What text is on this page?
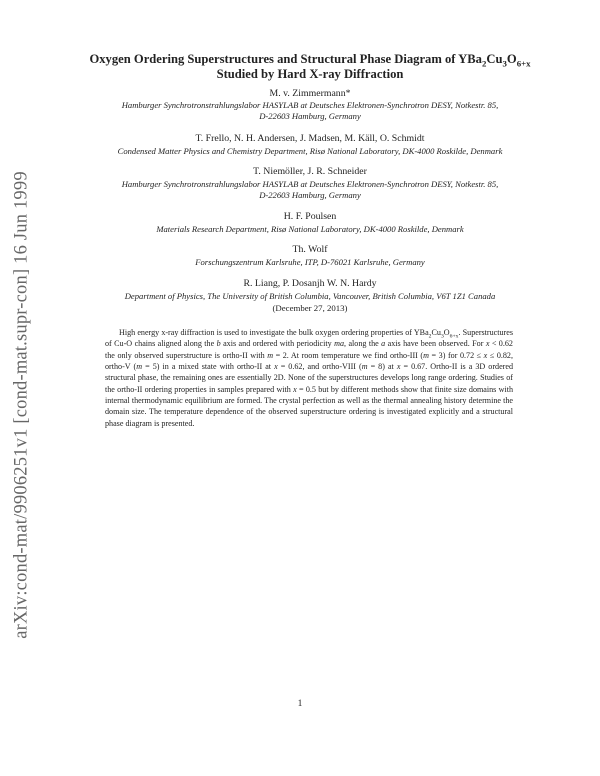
arXiv:cond-mat/9906251v1 [cond-mat.supr-con] 16 Jun 1999
Oxygen Ordering Superstructures and Structural Phase Diagram of $YBa_2Cu_3O_{6+x}$
Studied by Hard X-ray Diffraction
M. v. Zimmermann*
Hamburger Synchrotronstrahlungslabor HASYLAB at Deutsches Elektronen-Synchrotron DESY, Notkestr. 85,
D-22603 Hamburg, Germany
T. Frello, N. H. Andersen, J. Madsen, M. Käll, O. Schmidt
Condensed Matter Physics and Chemistry Department, Risø National Laboratory, DK-4000 Roskilde, Denmark
T. Niemöller, J. R. Schneider
Hamburger Synchrotronstrahlungslabor HASYLAB at Deutsches Elektronen-Synchrotron DESY, Notkestr. 85,
D-22603 Hamburg, Germany
H. F. Poulsen
Materials Research Department, Risø National Laboratory, DK-4000 Roskilde, Denmark
Th. Wolf
Forschungszentrum Karlsruhe, ITP, D-76021 Karlsruhe, Germany
R. Liang, P. Dosanjh W. N. Hardy
Department of Physics, The University of British Columbia, Vancouver, British Columbia, V6T 1Z1 Canada
(December 27, 2013)

High energy x-ray diffraction is used to investigate the bulk oxygen ordering properties of $YBa_2Cu_3O_{6+x}$. Superstructures of Cu-O chains aligned along the b axis and ordered with periodicity ma, along the a axis have been observed. For x < 0.62 the only observed superstructure is ortho-II with m = 2. At room temperature we find ortho-III (m = 3) for 0.72 ≤ x ≤ 0.82, ortho-V (m = 5) in a mixed state with ortho-II at x = 0.62, and ortho-VIII (m = 8) at x = 0.67. Ortho-II is a 3D ordered structural phase, the remaining ones are essentially 2D. None of the superstructures develops long range ordering. Studies of the ortho-II ordering properties in samples prepared with x = 0.5 but by different methods show that finite size domains with internal thermodynamic equilibrium are formed. The crystal perfection as well as the thermal annealing history determine the domain size. The temperature dependence of the observed superstructure ordering is investigated explicitly and a structural phase diagram is presented.

1
